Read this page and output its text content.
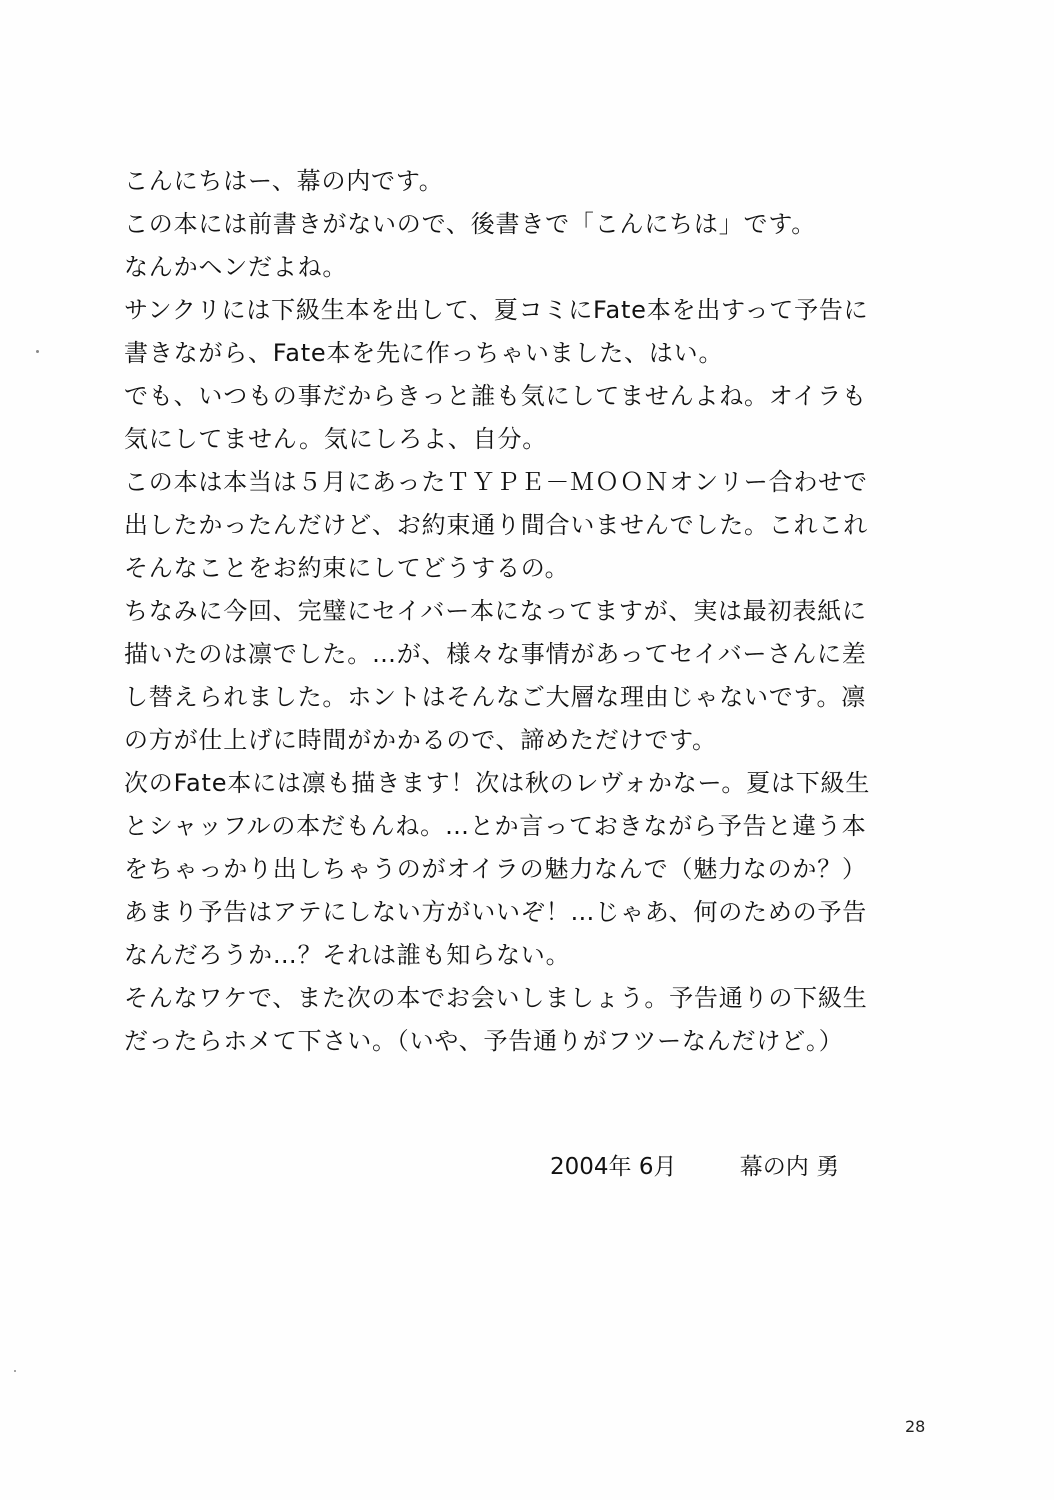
こんにちはー、幕の内です。
この本には前書きがないので、後書きで「こんにちは」です。
なんかヘンだよね。
サンクリには下級生本を出して、夏コミにFate本を出すって予告に
書きながら、Fate本を先に作っちゃいました、はい。
でも、いつもの事だからきっと誰も気にしてませんよね。オイラも
気にしてません。気にしろよ、自分。
この本は本当は５月にあったＴＹＰＥ－ＭＯＯＮオンリー合わせで
出したかったんだけど、お約束通り間合いませんでした。これこれ
そんなことをお約束にしてどうするの。
ちなみに今回、完璧にセイバー本になってますが、実は最初表紙に
描いたのは凛でした。…が、様々な事情があってセイバーさんに差
し替えられました。ホントはそんなご大層な理由じゃないです。凛
の方が仕上げに時間がかかるので、諦めただけです。
次のFate本には凛も描きます！次は秋のレヴォかなー。夏は下級生
とシャッフルの本だもんね。…とか言っておきながら予告と違う本
をちゃっかり出しちゃうのがオイラの魅力なんで（魅力なのか？）
あまり予告はアテにしない方がいいぞ！…じゃあ、何のための予告
なんだろうか…？それは誰も知らない。
そんなワケで、また次の本でお会いしましょう。予告通りの下級生
だったらホメて下さい。（いや、予告通りがフツーなんだけど。）
2004年 6月	幕の内 勇
28
